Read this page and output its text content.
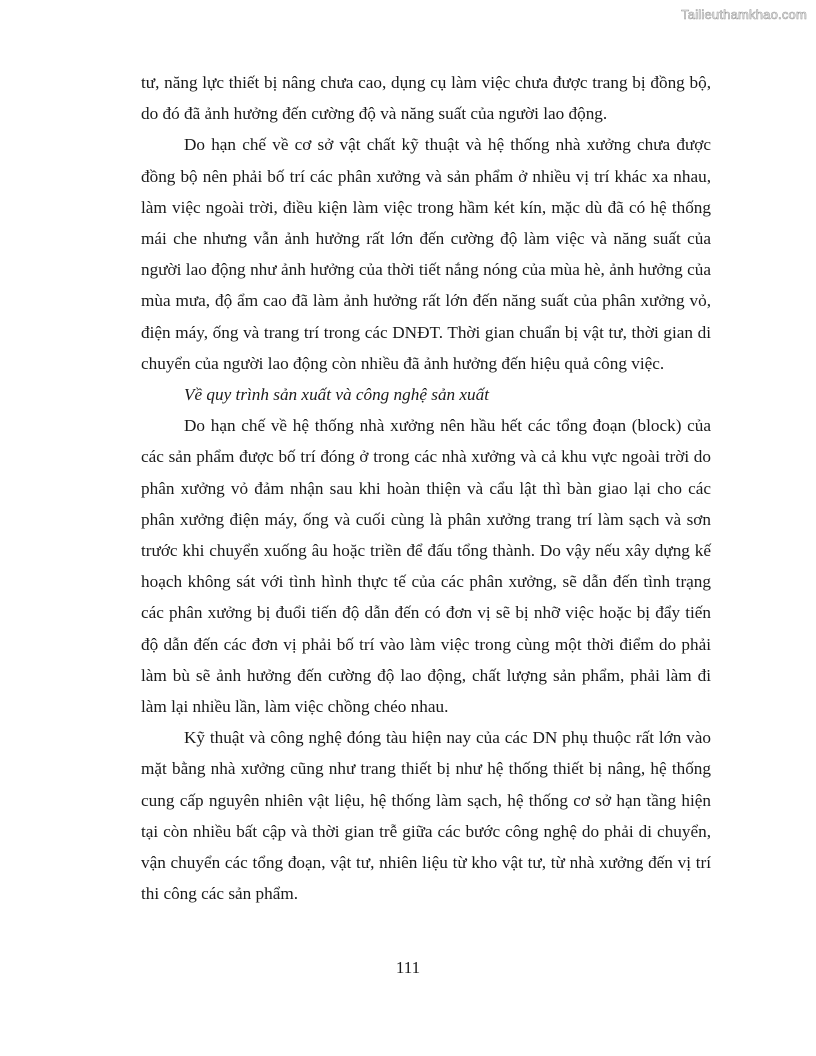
Tailieuthamkhao.com

tư, năng lực thiết bị nâng chưa cao, dụng cụ làm việc chưa được trang bị đồng bộ, do đó đã ảnh hưởng đến cường độ và năng suất của người lao động.

Do hạn chế về cơ sở vật chất kỹ thuật và hệ thống nhà xưởng chưa được đồng bộ nên phải bố trí các phân xưởng và sản phẩm ở nhiều vị trí khác xa nhau, làm việc ngoài trời, điều kiện làm việc trong hầm két kín, mặc dù đã có hệ thống mái che nhưng vẫn ảnh hưởng rất lớn đến cường độ làm việc và năng suất của người lao động như ảnh hưởng của thời tiết nắng nóng của mùa hè, ảnh hưởng của mùa mưa, độ ẩm cao đã làm ảnh hưởng rất lớn đến năng suất của phân xưởng vỏ, điện máy, ống và trang trí trong các DNĐT. Thời gian chuẩn bị vật tư, thời gian di chuyển của người lao động còn nhiều đã ảnh hưởng đến hiệu quả công việc.

Về quy trình sản xuất và công nghệ sản xuất

Do hạn chế về hệ thống nhà xưởng nên hầu hết các tổng đoạn (block) của các sản phẩm được bố trí đóng ở trong các nhà xưởng và cả khu vực ngoài trời do phân xưởng vỏ đảm nhận sau khi hoàn thiện và cẩu lật thì bàn giao lại cho các phân xưởng điện máy, ống và cuối cùng là phân xưởng trang trí làm sạch và sơn trước khi chuyển xuống âu hoặc triền để đấu tổng thành. Do vậy nếu xây dựng kế hoạch không sát với tình hình thực tế của các phân xưởng, sẽ dẫn đến tình trạng các phân xưởng bị đuổi tiến độ dẫn đến có đơn vị sẽ bị nhỡ việc hoặc bị đẩy tiến độ dẫn đến các đơn vị phải bố trí vào làm việc trong cùng một thời điểm do phải làm bù sẽ ảnh hưởng đến cường độ lao động, chất lượng sản phẩm, phải làm đi làm lại nhiều lần, làm việc chồng chéo nhau.

Kỹ thuật và công nghệ đóng tàu hiện nay của các DN phụ thuộc rất lớn vào mặt bằng nhà xưởng cũng như trang thiết bị như hệ thống thiết bị nâng, hệ thống cung cấp nguyên nhiên vật liệu, hệ thống làm sạch, hệ thống cơ sở hạn tầng hiện tại còn nhiều bất cập và thời gian trễ giữa các bước công nghệ do phải di chuyển, vận chuyển các tổng đoạn, vật tư, nhiên liệu từ kho vật tư, từ nhà xưởng đến vị trí thi công các sản phẩm.

111
